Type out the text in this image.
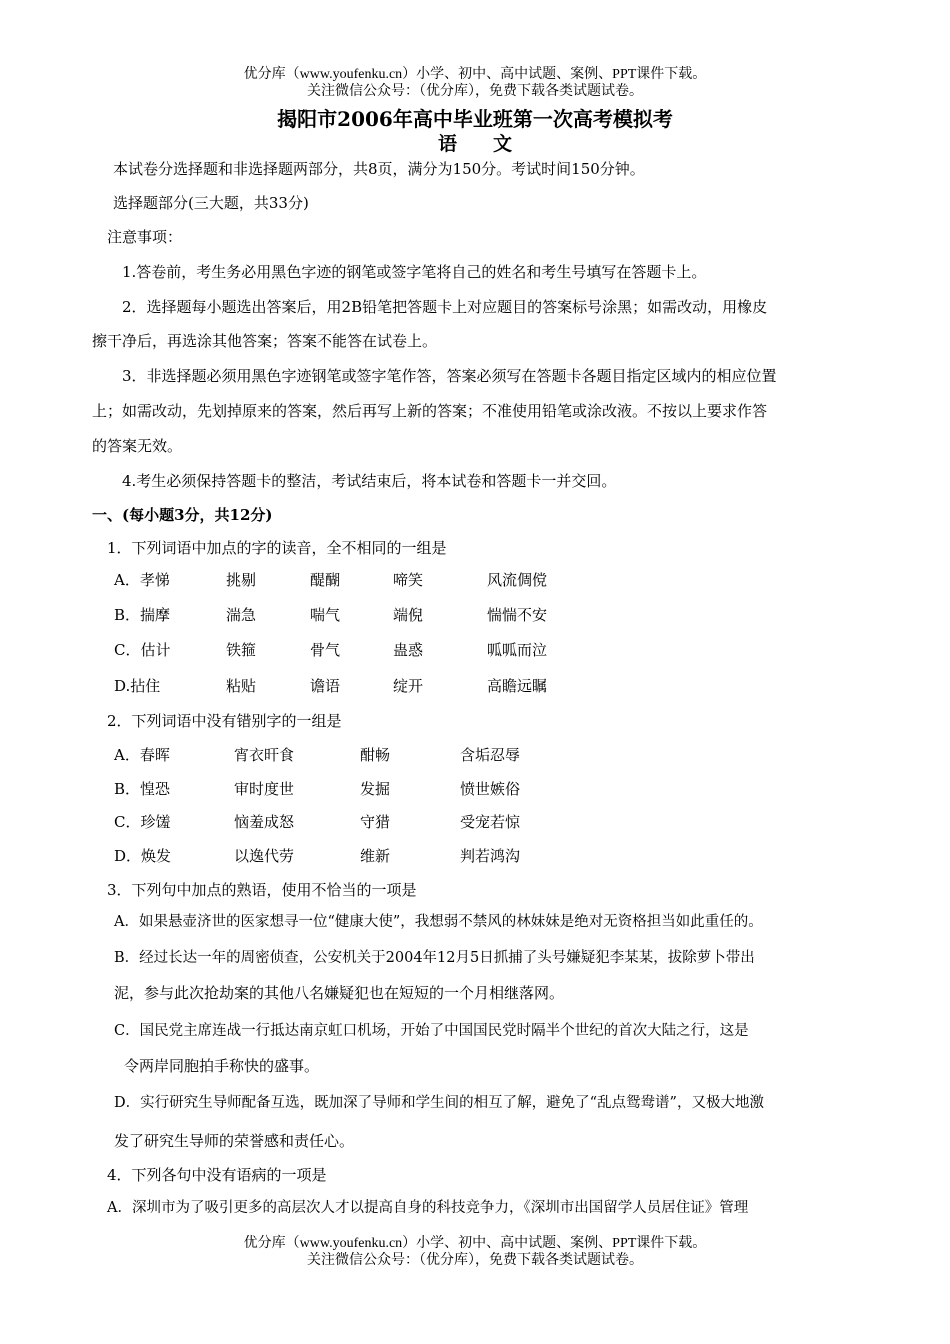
优分库（www.youfenku.cn）小学、初中、高中试题、案例、PPT课件下载。
关注微信公众号：（优分库），免费下载各类试题试卷。
揭阳市2006年高中毕业班第一次高考模拟考
语文
本试卷分选择题和非选择题两部分，共8页，满分为150分。考试时间150分钟。
选择题部分(三大题，共33分)
注意事项：
1.答卷前，考生务必用黑色字迹的钢笔或签字笔将自己的姓名和考生号填写在答题卡上。
2．选择题每小题选出答案后，用2B铅笔把答题卡上对应题目的答案标号涂黑；如需改动，用橡皮
擦干净后，再选涂其他答案；答案不能答在试卷上。
3．非选择题必须用黑色字迹钢笔或签字笔作答，答案必须写在答题卡各题目指定区域内的相应位置
上；如需改动，先划掉原来的答案，然后再写上新的答案；不准使用铅笔或涂改液。不按以上要求作答
的答案无效。
4.考生必须保持答题卡的整洁，考试结束后，将本试卷和答题卡一并交回。
一、(每小题3分，共12分)
1．下列词语中加点的字的读音，全不相同的一组是
A．孝悌	挑剔	醍醐	啼笑	风流倜傥
B．揣摩	湍急	喘气	端倪	惴惴不安
C．估计	铁箍	骨气	蛊惑	呱呱而泣
D.拈住	粘贴	谵语	绽开	高瞻远瞩
2．下列词语中没有错别字的一组是
A．春晖	宵衣旰食	酣畅	含垢忍辱
B．惶恐	审时度世	发掘	愤世嫉俗
C．珍馐	恼羞成怒	守猎	受宠若惊
D．焕发	以逸代劳	维新	判若鸿沟
3．下列句中加点的熟语，使用不恰当的一项是
A．如果悬壶济世的医家想寻一位“健康大使”，我想弱不禁风的林妹妹是绝对无资格担当如此重任的。
B．经过长达一年的周密侦查，公安机关于2004年12月5日抓捕了头号嫌疑犯李某某，拔除萝卜带出
泥，参与此次抢劫案的其他八名嫌疑犯也在短短的一个月相继落网。
C．国民党主席连战一行抵达南京虹口机场，开始了中国国民党时隔半个世纪的首次大陆之行，这是
令两岸同胞拍手称快的盛事。
D．实行研究生导师配备互选，既加深了导师和学生间的相互了解，避免了“乱点鸳鸯谱”，又极大地激
发了研究生导师的荣誉感和责任心。
4．下列各句中没有语病的一项是
A．深圳市为了吸引更多的高层次人才以提高自身的科技竞争力，《深圳市出国留学人员居住证》管理
优分库（www.youfenku.cn）小学、初中、高中试题、案例、PPT课件下载。
关注微信公众号：（优分库），免费下载各类试题试卷。
